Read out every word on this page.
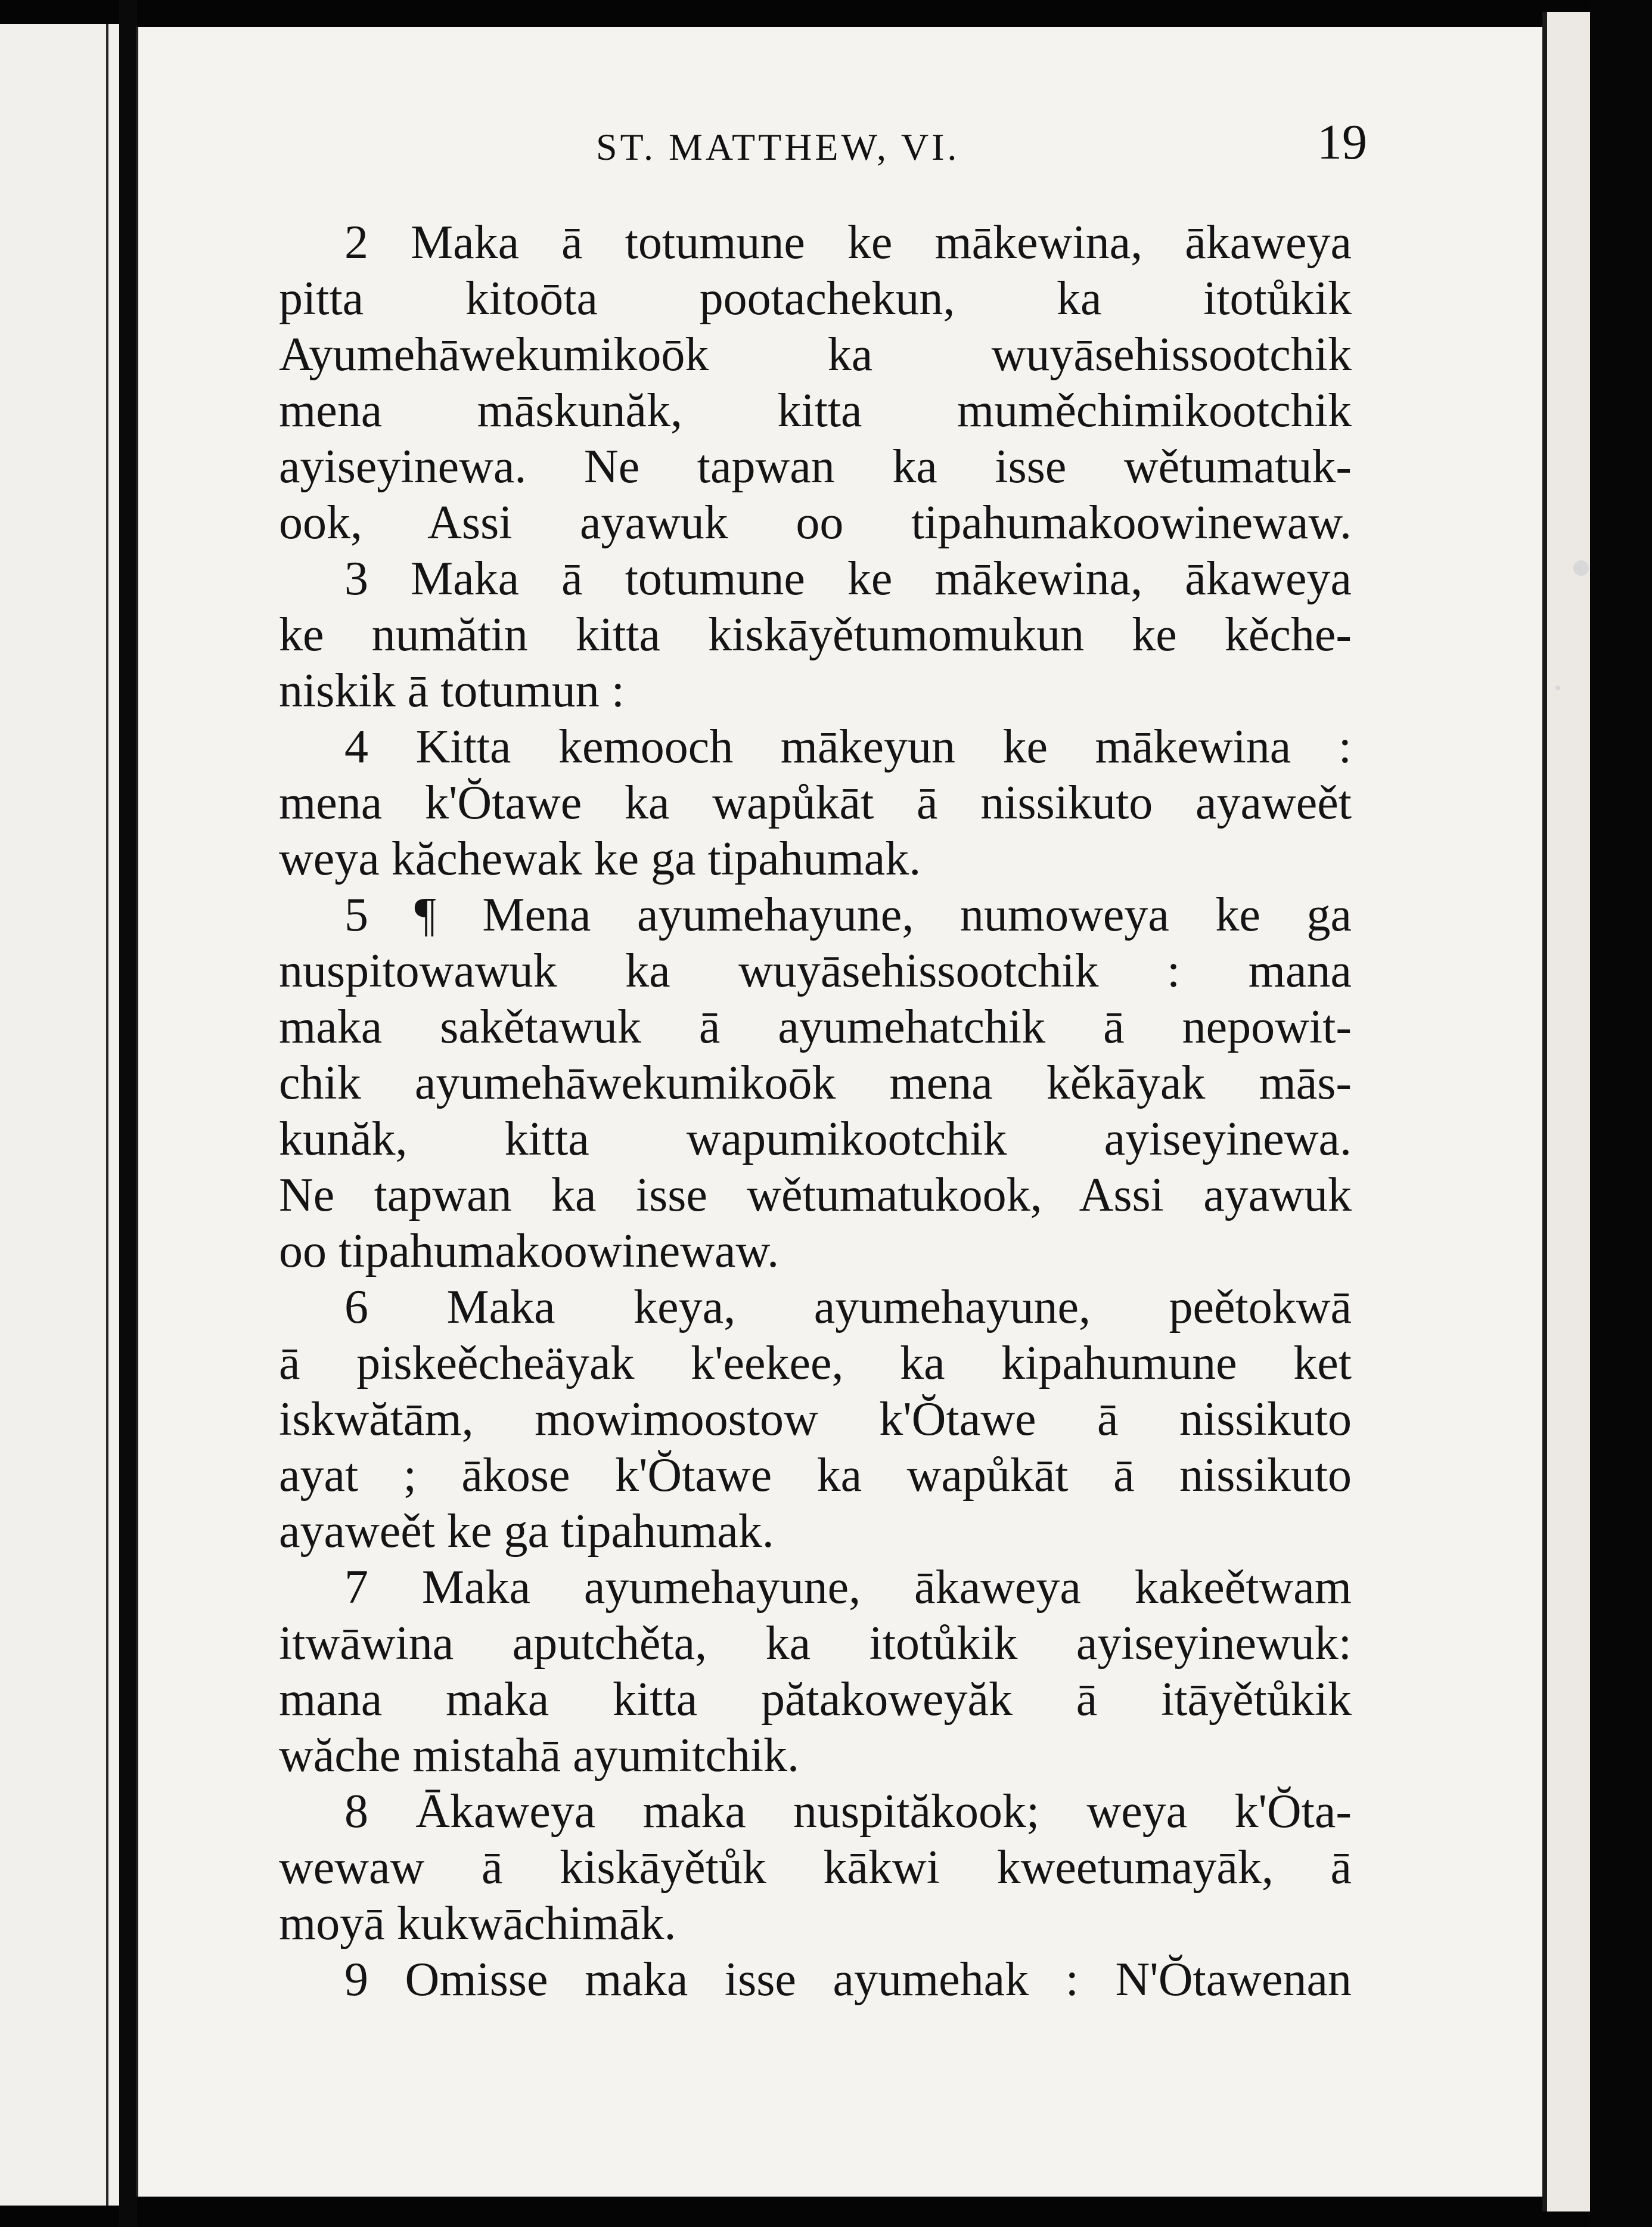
ST. MATTHEW, VI.	19
2 Maka ā totumune ke mākewina, ākaweya
pitta kitoōta pootachekun, ka itotůkik
Ayumehāwekumikoōk ka wuyāsehissootchik
mena māskunăk, kitta muměchimikootchik
ayiseyinewa. Ne tapwan ka isse wětumatuk-
ook, Assi ayawuk oo tipahumakoowinewaw.
3 Maka ā totumune ke mākewina, ākaweya
ke numătin kitta kiskāyětumomukun ke kěche-
niskik ā totumun :
4 Kitta kemooch mākeyun ke mākewina :
mena k'Ŏtawe ka wapůkāt ā nissikuto ayaweět
weya kăchewak ke ga tipahumak.
5 ¶ Mena ayumehayune, numoweya ke ga
nuspitowawuk ka wuyāsehissootchik : mana
maka sakětawuk ā ayumehatchik ā nepowit-
chik ayumehāwekumikoōk mena kěkāyak mās-
kunăk, kitta wapumikootchik ayiseyinewa.
Ne tapwan ka isse wětumatukook, Assi ayawuk
oo tipahumakoowinewaw.
6 Maka keya, ayumehayune, peětokwā
ā piskeěcheäyak k'eekee, ka kipahumune ket
iskwătām, mowimoostow k'Ŏtawe ā nissikuto
ayat ; ākose k'Ŏtawe ka wapůkāt ā nissikuto
ayaweět ke ga tipahumak.
7 Maka ayumehayune, ākaweya kakeětwam
itwāwina aputchěta, ka itotůkik ayiseyinewuk:
mana maka kitta pătakoweyăk ā itāyětůkik
wăche mistahā ayumitchik.
8 Ākaweya maka nuspităkook; weya k'Ŏta-
wewaw ā kiskāyětůk kākwi kweetumayāk, ā
moyā kukwāchimāk.
9 Omisse maka isse ayumehak : N'Ŏtawenan
